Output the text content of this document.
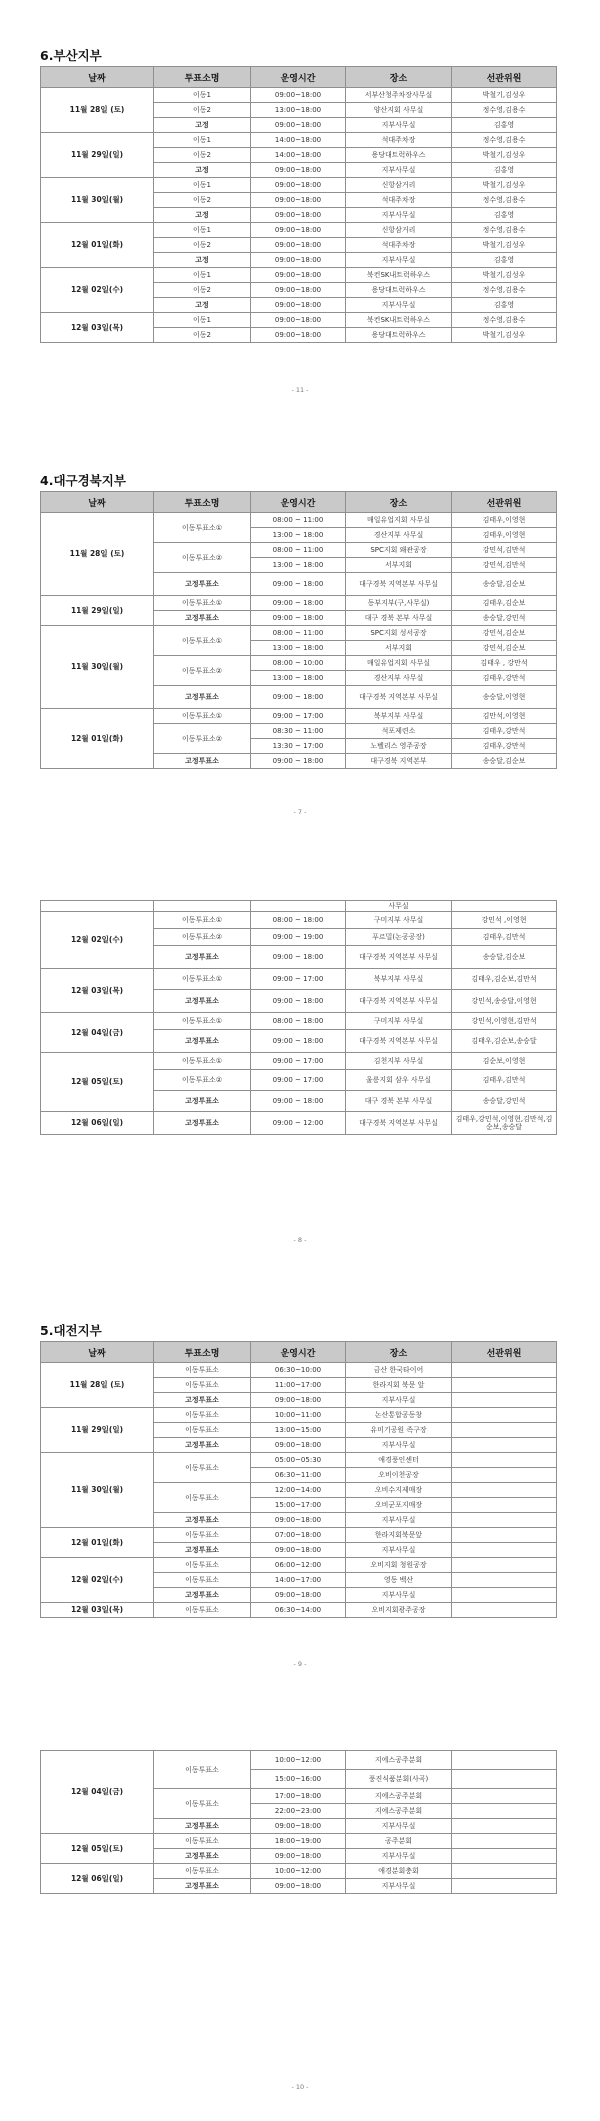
6.부산지부
날짜	투표소명	운영시간	장소	선관위원
11월 28일 (토)	이동1	09:00~18:00	서부산청주차장사무실	박철기,김성우
	이동2	13:00~18:00	양산지회 사무실	정수영,김용수
	고정	09:00~18:00	지부사무실	김홍영
11월 29일(일)	이동1	14:00~18:00	석대주차장	정수영,김용수
	이동2	14:00~18:00	용당대트럭하우스	박철기,김성우
	고정	09:00~18:00	지부사무실	김홍영
11월 30일(월)	이동1	09:00~18:00	신항삼거리	박철기,김성우
	이동2	09:00~18:00	석대주차장	정수영,김용수
	고정	09:00~18:00	지부사무실	김홍영
12월 01일(화)	이동1	09:00~18:00	신항삼거리	정수영,김용수
	이동2	09:00~18:00	석대주차장	박철기,김성우
	고정	09:00~18:00	지부사무실	김홍영
12월 02일(수)	이동1	09:00~18:00	북컨SK내트럭하우스	박철기,김성우
	이동2	09:00~18:00	용당대트럭하우스	정수영,김용수
	고정	09:00~18:00	지부사무실	김홍영
12월 03일(목)	이동1	09:00~18:00	북컨SK내트럭하우스	정수영,김용수
	이동2	09:00~18:00	용당대트럭하우스	박철기,김성우
- 11 -
4.대구경북지부
날짜	투표소명	운영시간	장소	선관위원
11월 28일 (토)	이동투표소①	08:00 ~ 11:00	매일유업지회 사무실	김태우,이영현
		13:00 ~ 18:00	경산지부 사무실	김태우,이영현
	이동투표소②	08:00 ~ 11:00	SPC지회 왜관공장	강민석,김만석
		13:00 ~ 18:00	서부지회	강민석,김만석
	고정투표소	09:00 ~ 18:00	대구경북 지역본부 사무실	송승달,김순보
11월 29일(일)	이동투표소①	09:00 ~ 18:00	동부지부(구,사무실)	김태우,김순보
	고정투표소	09:00 ~ 18:00	대구 경북 본부 사무실	송승달,강민석
11월 30일(월)	이동투표소①	08:00 ~ 11:00	SPC지회 성서공장	강민석,김순보
		13:00 ~ 18:00	서부지회	강민석,김순보
	이동투표소②	08:00 ~ 10:00	매일유업지회 사무실	김태우 , 강만석
		13:00 ~ 18:00	경산지부 사무실	김태우,강만석
	고정투표소	09:00 ~ 18:00	대구경북 지역본부 사무실	송승달,이영현
12월 01일(화)	이동투표소①	09:00 ~ 17:00	북부지부 사무실	김만석,이영현
	이동투표소②	08:30 ~ 11:00	석포제련소	김태우,강만석
		13:30 ~ 17:00	노벨리스 영주공장	김태우,강만석
	고정투표소	09:00 ~ 18:00	대구경북 지역본부	송승달,김순보
- 7 -
			사무실	
12월 02일(수)	이동투표소①	08:00 ~ 18:00	구미지부 사무실	강민석 ,이영현
	이동투표소②	09:00 ~ 19:00	푸르밀(논공공장)	김태우,김만석
	고정투표소	09:00 ~ 18:00	대구경북 지역본부 사무실	송승달,김순보
12월 03일(목)	이동투표소①	09:00 ~ 17:00	북부지부 사무실	김태우,김순보,김만석
	고정투표소	09:00 ~ 18:00	대구경북 지역본부 사무실	강민석,송승달,이영현
12월 04일(금)	이동투표소①	08:00 ~ 18:00	구미지부 사무실	강민석,이영현,김만석
	고정투표소	09:00 ~ 18:00	대구경북 지역본부 사무실	김태우,김순보,송승달
12월 05일(토)	이동투표소①	09:00 ~ 17:00	김천지부 사무실	김순보,이영현
	이동투표소②	09:00 ~ 17:00	울릉지회 삼우 사무실	김태우,김만석
	고정투표소	09:00 ~ 18:00	대구 경북 본부 사무실	송승달,강민석
12월 06일(일)	고정투표소	09:00 ~ 12:00	대구경북 지역본부 사무실	김태우,강민석,이영현,김만석,김순보,송승달
- 8 -
5.대전지부
날짜	투표소명	운영시간	장소	선관위원
11월 28일 (토)	이동투표소	06:30~10:00	금산 한국타이어	
	이동투표소	11:00~17:00	한라지회 북문 앞	
	고정투표소	09:00~18:00	지부사무실	
11월 29일(일)	이동투표소	10:00~11:00	논산통합공동창	
	이동투표소	13:00~15:00	유미기공원 족구장	
	고정투표소	09:00~18:00	지부사무실	
11월 30일(월)	이동투표소	05:00~05:30	애경풍인센터	
		06:30~11:00	오비이천공장	
	이동투표소	12:00~14:00	오비수지제매장	
		15:00~17:00	오비군포지매장	
	고정투표소	09:00~18:00	지부사무실	
12월 01일(화)	이동투표소	07:00~18:00	한라지회북문앞	
	고정투표소	09:00~18:00	지부사무실	
12월 02일(수)	이동투표소	06:00~12:00	오비지회 청원공장	
	이동투표소	14:00~17:00	영동 백산	
	고정투표소	09:00~18:00	지부사무실	
12월 03일(목)	이동투표소	06:30~14:00	오비지회광주공장	
- 9 -
12월 04일(금)	이동투표소	10:00~12:00	지에스공주분회	
		15:00~16:00	풍진식품분회(사곡)	
	이동투표소	17:00~18:00	지에스공주분회	
		22:00~23:00	지에스공주분회	
	고정투표소	09:00~18:00	지부사무실	
12월 05일(토)	이동투표소	18:00~19:00	공주분회	
	고정투표소	09:00~18:00	지부사무실	
12월 06일(일)	이동투표소	10:00~12:00	애경분회충회	
	고정투표소	09:00~18:00	지부사무실	
- 10 -
